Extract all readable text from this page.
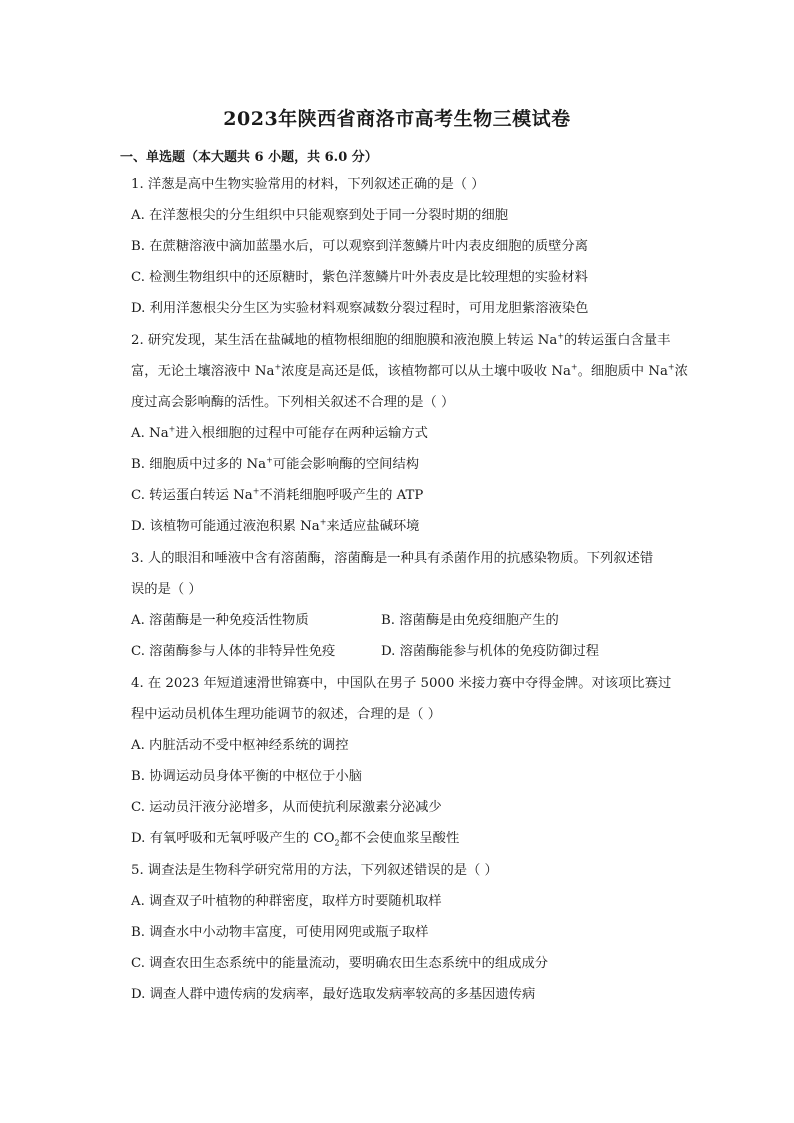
2023年陕西省商洛市高考生物三模试卷
一、单选题（本大题共 6 小题，共 6.0 分）
1. 洋葱是高中生物实验常用的材料，下列叙述正确的是（ ）
A. 在洋葱根尖的分生组织中只能观察到处于同一分裂时期的细胞
B. 在蔗糖溶液中滴加蓝墨水后，可以观察到洋葱鳞片叶内表皮细胞的质壁分离
C. 检测生物组织中的还原糖时，紫色洋葱鳞片叶外表皮是比较理想的实验材料
D. 利用洋葱根尖分生区为实验材料观察减数分裂过程时，可用龙胆紫溶液染色
2. 研究发现，某生活在盐碱地的植物根细胞的细胞膜和液泡膜上转运 Na+的转运蛋白含量丰
富，无论土壤溶液中 Na+浓度是高还是低，该植物都可以从土壤中吸收 Na+。细胞质中 Na+浓
度过高会影响酶的活性。下列相关叙述不合理的是（ ）
A. Na+进入根细胞的过程中可能存在两种运输方式
B. 细胞质中过多的 Na+可能会影响酶的空间结构
C. 转运蛋白转运 Na+不消耗细胞呼吸产生的 ATP
D. 该植物可能通过液泡积累 Na+来适应盐碱环境
3. 人的眼泪和唾液中含有溶菌酶，溶菌酶是一种具有杀菌作用的抗感染物质。下列叙述错
误的是（ ）
A. 溶菌酶是一种免疫活性物质	B. 溶菌酶是由免疫细胞产生的
C. 溶菌酶参与人体的非特异性免疫	D. 溶菌酶能参与机体的免疫防御过程
4. 在 2023 年短道速滑世锦赛中，中国队在男子 5000 米接力赛中夺得金牌。对该项比赛过
程中运动员机体生理功能调节的叙述，合理的是（ ）
A. 内脏活动不受中枢神经系统的调控
B. 协调运动员身体平衡的中枢位于小脑
C. 运动员汗液分泌增多，从而使抗利尿激素分泌减少
D. 有氧呼吸和无氧呼吸产生的 $CO_2$都不会使血浆呈酸性
5. 调查法是生物科学研究常用的方法，下列叙述错误的是（ ）
A. 调查双子叶植物的种群密度，取样方时要随机取样
B. 调查水中小动物丰富度，可使用网兜或瓶子取样
C. 调查农田生态系统中的能量流动，要明确农田生态系统中的组成成分
D. 调查人群中遗传病的发病率，最好选取发病率较高的多基因遗传病
